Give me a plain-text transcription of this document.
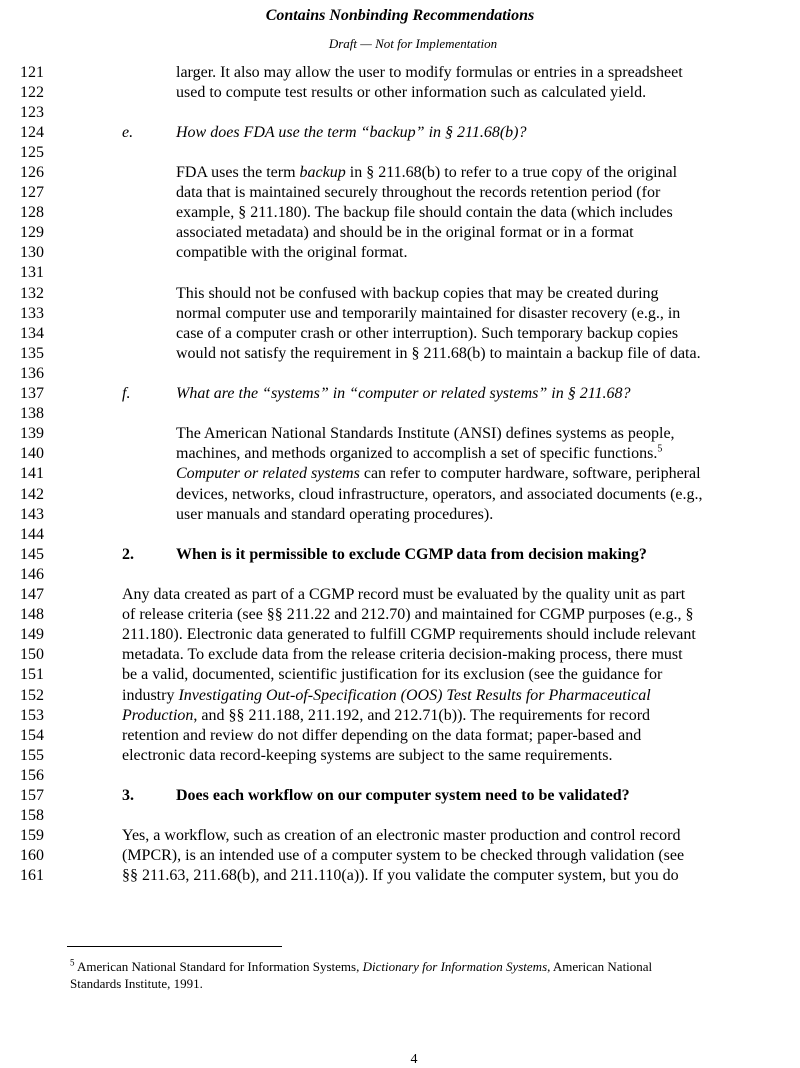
Contains Nonbinding Recommendations
Draft — Not for Implementation
121	larger. It also may allow the user to modify formulas or entries in a spreadsheet
122	used to compute test results or other information such as calculated yield.
123
124	e.	How does FDA use the term “backup” in § 211.68(b)?
125
126	FDA uses the term backup in § 211.68(b) to refer to a true copy of the original
127	data that is maintained securely throughout the records retention period (for
128	example, § 211.180). The backup file should contain the data (which includes
129	associated metadata) and should be in the original format or in a format
130	compatible with the original format.
131
132	This should not be confused with backup copies that may be created during
133	normal computer use and temporarily maintained for disaster recovery (e.g., in
134	case of a computer crash or other interruption). Such temporary backup copies
135	would not satisfy the requirement in § 211.68(b) to maintain a backup file of data.
136
137	f.	What are the “systems” in “computer or related systems” in § 211.68?
138
139	The American National Standards Institute (ANSI) defines systems as people,
140	machines, and methods organized to accomplish a set of specific functions.$^5$
141	Computer or related systems can refer to computer hardware, software, peripheral
142	devices, networks, cloud infrastructure, operators, and associated documents (e.g.,
143	user manuals and standard operating procedures).
144
145	2.	When is it permissible to exclude CGMP data from decision making?
146
147	Any data created as part of a CGMP record must be evaluated by the quality unit as part
148	of release criteria (see §§ 211.22 and 212.70) and maintained for CGMP purposes (e.g., §
149	211.180). Electronic data generated to fulfill CGMP requirements should include relevant
150	metadata. To exclude data from the release criteria decision-making process, there must
151	be a valid, documented, scientific justification for its exclusion (see the guidance for
152	industry Investigating Out-of-Specification (OOS) Test Results for Pharmaceutical
153	Production, and §§ 211.188, 211.192, and 212.71(b)). The requirements for record
154	retention and review do not differ depending on the data format; paper-based and
155	electronic data record-keeping systems are subject to the same requirements.
156
157	3.	Does each workflow on our computer system need to be validated?
158
159	Yes, a workflow, such as creation of an electronic master production and control record
160	(MPCR), is an intended use of a computer system to be checked through validation (see
161	§§ 211.63, 211.68(b), and 211.110(a)). If you validate the computer system, but you do
$^5$ American National Standard for Information Systems, Dictionary for Information Systems, American National
Standards Institute, 1991.
4
